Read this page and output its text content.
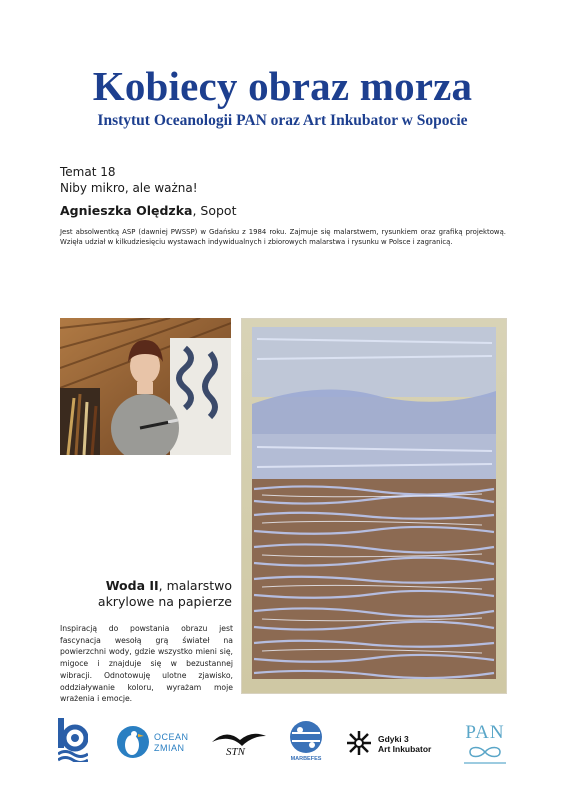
Kobiecy obraz morza
Instytut Oceanologii PAN oraz Art Inkubator w Sopocie
Temat 18
Niby mikro, ale ważna!
Agnieszka Olędzka, Sopot
Jest absolwentką ASP (dawniej PWSSP) w Gdańsku z 1984 roku. Zajmuje się malarstwem, rysunkiem oraz grafiką projektową. Wzięła udział w kilkudziesięciu wystawach indywidualnych i zbiorowych malarstwa i rysunku w Polsce i zagranicą.
Woda II, malarstwo
akrylowe na papierze
Inspiracją do powstania obrazu jest fascynacja wesołą grą świateł na powierzchni wody, gdzie wszystko mieni się, migoce i znajduje się w bezustannej wibracji. Odnotowuję ulotne zjawisko, oddziaływanie koloru, wyrażam moje wrażenia i emocje.
OCEAN
ZMIAN	STN
MARBEFES
Gdyki 3
Art Inkubator
PAN
